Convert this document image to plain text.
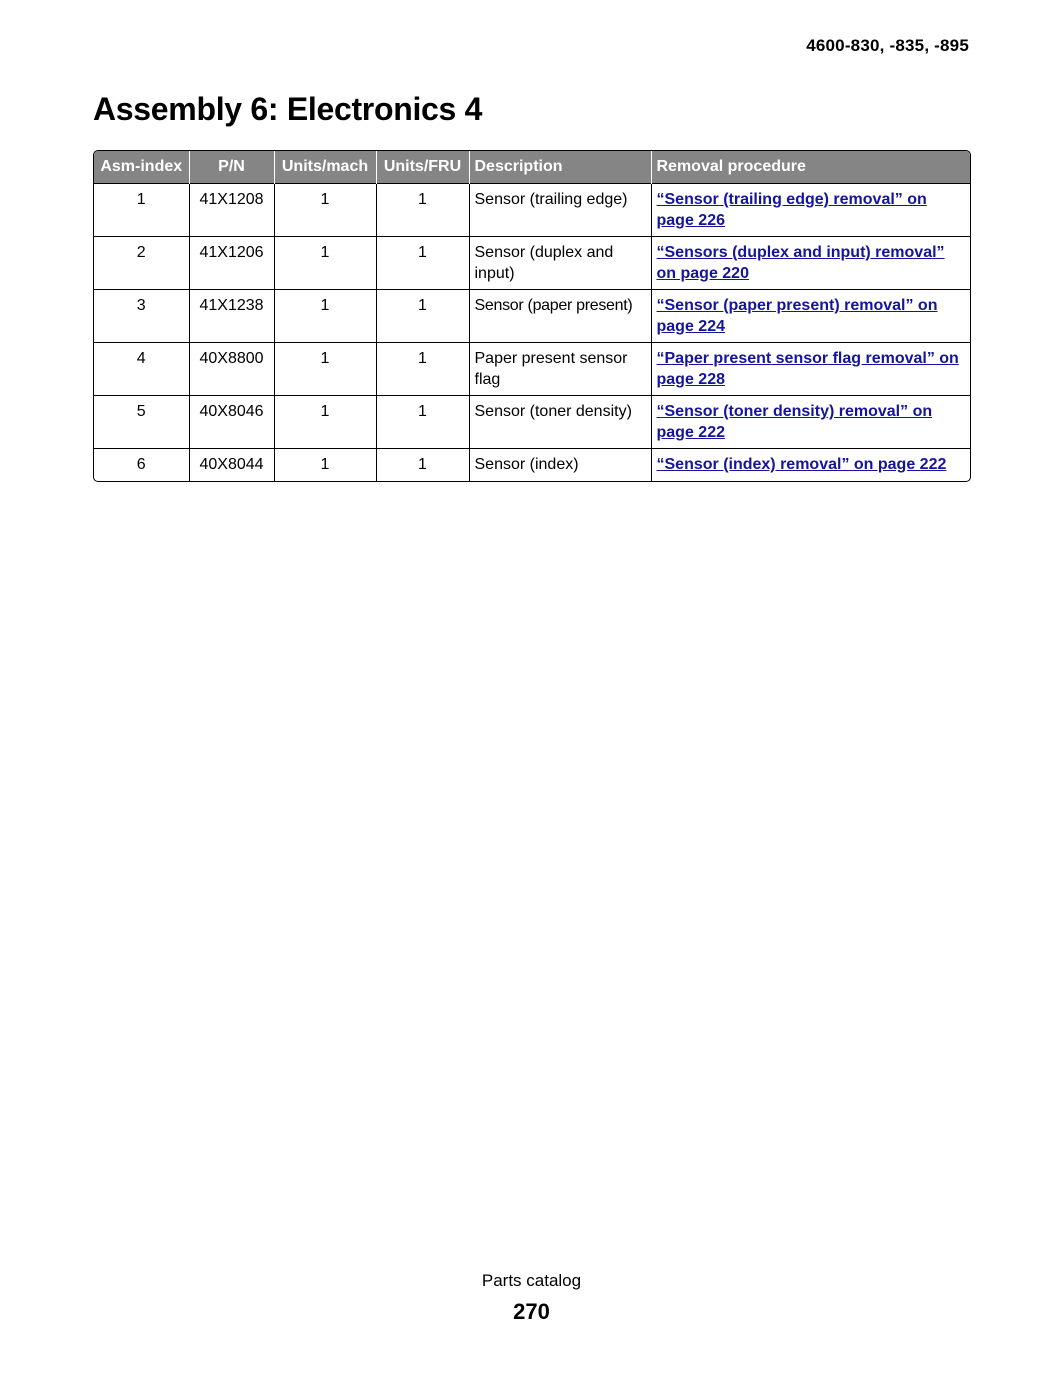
4600-830, -835, -895
Assembly 6: Electronics 4
Asm-index	P/N	Units/mach	Units/FRU	Description	Removal procedure
1	41X1208	1	1	Sensor (trailing edge)	“Sensor (trailing edge) removal” on page 226
2	41X1206	1	1	Sensor (duplex and input)	“Sensors (duplex and input) removal” on page 220
3	41X1238	1	1	Sensor (paper present)	“Sensor (paper present) removal” on page 224
4	40X8800	1	1	Paper present sensor flag	“Paper present sensor flag removal” on page 228
5	40X8046	1	1	Sensor (toner density)	“Sensor (toner density) removal” on page 222
6	40X8044	1	1	Sensor (index)	“Sensor (index) removal” on page 222
Parts catalog
270
